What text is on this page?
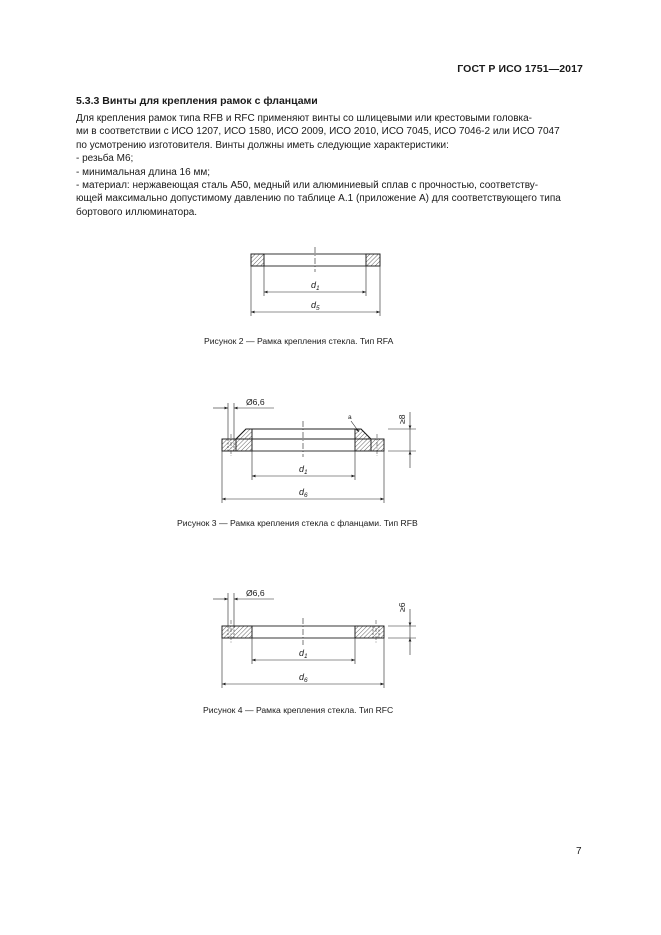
ГОСТ Р ИСО 1751—2017
5.3.3 Винты для крепления рамок с фланцами

Для крепления рамок типа RFB и RFC применяют винты со шлицевыми или крестовыми головка-

ми в соответствии с ИСО 1207, ИСО 1580, ИСО 2009, ИСО 2010, ИСО 7045, ИСО 7046-2 или ИСО 7047

по усмотрению изготовителя. Винты должны иметь следующие характеристики:

- резьба М6;

- минимальная длина 16 мм;

- материал: нержавеющая сталь А50, медный или алюминиевый сплав с прочностью, соответству-

ющей максимально допустимому давлению по таблице А.1 (приложение А) для соответствующего типа

бортового иллюминатора.

$d_1$
$d_5$
Ø6,6
a	≥8
$d_1$
$d_6$
Ø6,6
≥6
$d_1$
$d_6$
Рисунок 2 — Рамка крепления стекла. Тип RFA
Рисунок 3 — Рамка крепления стекла с фланцами. Тип RFB
Рисунок 4 — Рамка крепления стекла. Тип RFC
7
